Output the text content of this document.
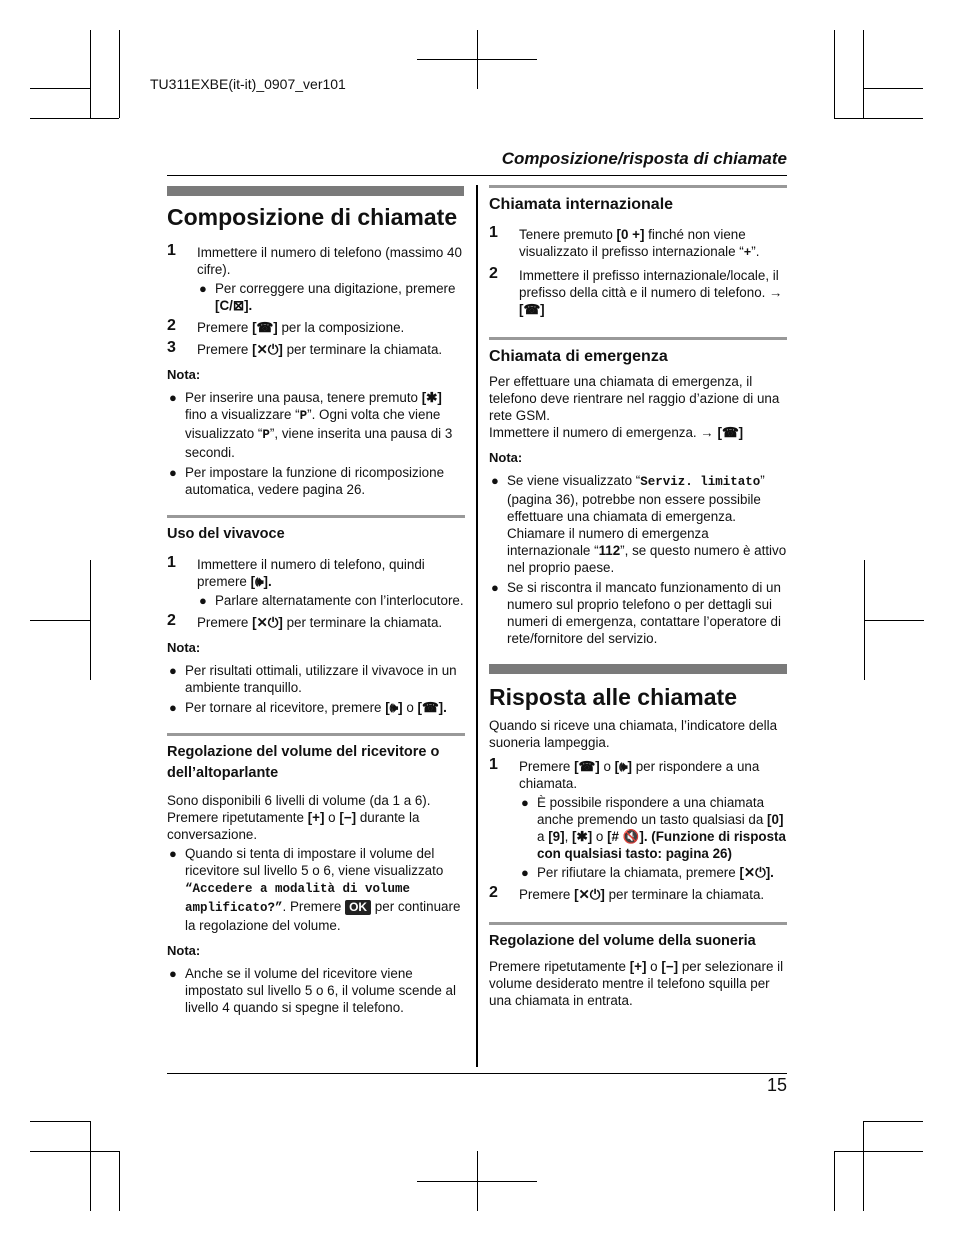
TU311EXBE(it-it)_0907_ver101
Composizione/risposta di chiamate
Composizione di chiamate
1 Immettere il numero di telefono (massimo 40 cifre).

● Per correggere una digitazione, premere
[C/⊠].
2 Premere [☎] per la composizione.
3 Premere [✕⏻] per terminare la chiamata.

Nota:

● Per inserire una pausa, tenere premuto [✱] fino a visualizzare “P”. Ogni volta che viene visualizzato “P”, viene inserita una pausa di 3 secondi.
● Per impostare la funzione di ricomposizione automatica, vedere pagina 26.

Uso del vivavoce

1 Immettere il numero di telefono, quindi premere [🕪].
● Parlare alternatamente con l’interlocutore.
2 Premere [✕⏻] per terminare la chiamata.

Nota:

● Per risultati ottimali, utilizzare il vivavoce in un ambiente tranquillo.
● Per tornare al ricevitore, premere [🕪] o [☎].

Regolazione del volume del ricevitore o dell’altoparlante

Sono disponibili 6 livelli di volume (da 1 a 6). Premere ripetutamente [+] o [−] durante la conversazione.

● Quando si tenta di impostare il volume del ricevitore sul livello 5 o 6, viene visualizzato “Accedere a modalità di volume amplificato?”. Premere OK per continuare la regolazione del volume.

Nota:

● Anche se il volume del ricevitore viene impostato sul livello 5 o 6, il volume scende al livello 4 quando si spegne il telefono.

Chiamata internazionale

1 Tenere premuto [0 +] finché non viene visualizzato il prefisso internazionale “+”.
2 Immettere il prefisso internazionale/locale, il prefisso della città e il numero di telefono. → [☎]

Chiamata di emergenza

Per effettuare una chiamata di emergenza, il telefono deve rientrare nel raggio d’azione di una rete GSM.

Immettere il numero di emergenza. → [☎]

Nota:

● Se viene visualizzato “Serviz. limitato” (pagina 36), potrebbe non essere possibile effettuare una chiamata di emergenza. Chiamare il numero di emergenza internazionale “112”, se questo numero è attivo nel proprio paese.
● Se si riscontra il mancato funzionamento di un numero sul proprio telefono o per dettagli sui numeri di emergenza, contattare l’operatore di rete/fornitore del servizio.
Risposta alle chiamate

Quando si riceve una chiamata, l’indicatore della suoneria lampeggia.

1 Premere [☎] o [🕪] per rispondere a una chiamata.
● È possibile rispondere a una chiamata anche premendo un tasto qualsiasi da [0] a [9], [✱] o [# 🔇]. (Funzione di risposta con qualsiasi tasto: pagina 26)
● Per rifiutare la chiamata, premere [✕⏻].
2 Premere [✕⏻] per terminare la chiamata.

Regolazione del volume della suoneria

Premere ripetutamente [+] o [−] per selezionare il volume desiderato mentre il telefono squilla per una chiamata in entrata.

15
